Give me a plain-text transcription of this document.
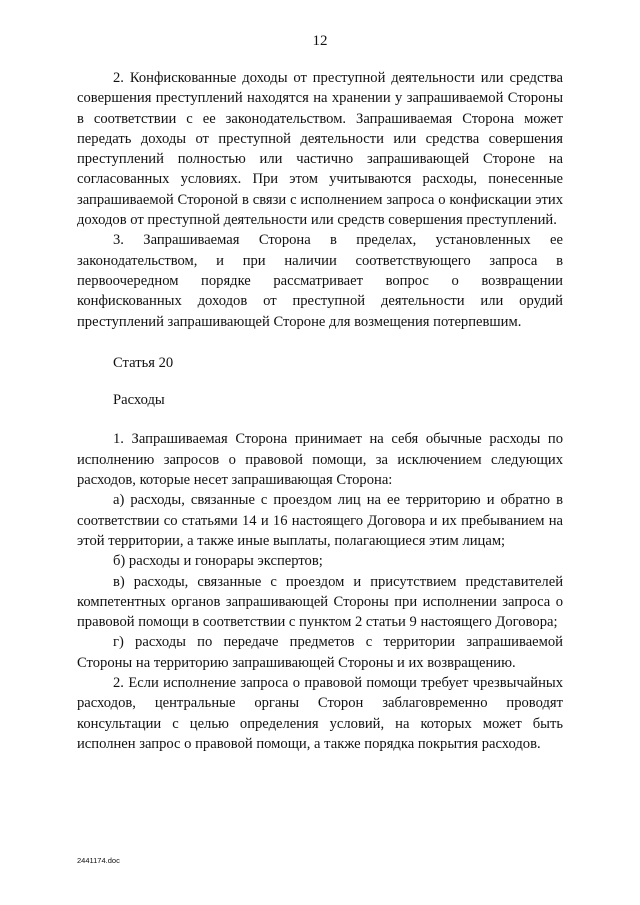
12

2. Конфискованные доходы от преступной деятельности или средства совершения преступлений находятся на хранении у запрашиваемой Стороны в соответствии с ее законодательством. Запрашиваемая Сторона может передать доходы от преступной деятельности или средства совершения преступлений полностью или частично запрашивающей Стороне на согласованных условиях. При этом учитываются расходы, понесенные запрашиваемой Стороной в связи с исполнением запроса о конфискации этих доходов от преступной деятельности или средств совершения преступлений.

3. Запрашиваемая Сторона в пределах, установленных ее законодательством, и при наличии соответствующего запроса в первоочередном порядке рассматривает вопрос о возвращении конфискованных доходов от преступной деятельности или орудий преступлений запрашивающей Стороне для возмещения потерпевшим.

Статья 20

Расходы

1. Запрашиваемая Сторона принимает на себя обычные расходы по исполнению запросов о правовой помощи, за исключением следующих расходов, которые несет запрашивающая Сторона:

а) расходы, связанные с проездом лиц на ее территорию и обратно в соответствии со статьями 14 и 16 настоящего Договора и их пребыванием на этой территории, а также иные выплаты, полагающиеся этим лицам;

б) расходы и гонорары экспертов;

в) расходы, связанные с проездом и присутствием представителей компетентных органов запрашивающей Стороны при исполнении запроса о правовой помощи в соответствии с пунктом 2 статьи 9 настоящего Договора;

г) расходы по передаче предметов с территории запрашиваемой Стороны на территорию запрашивающей Стороны и их возвращению.

2. Если исполнение запроса о правовой помощи требует чрезвычайных расходов, центральные органы Сторон заблаговременно проводят консультации с целью определения условий, на которых может быть исполнен запрос о правовой помощи, а также порядка покрытия расходов.

2441174.doc
